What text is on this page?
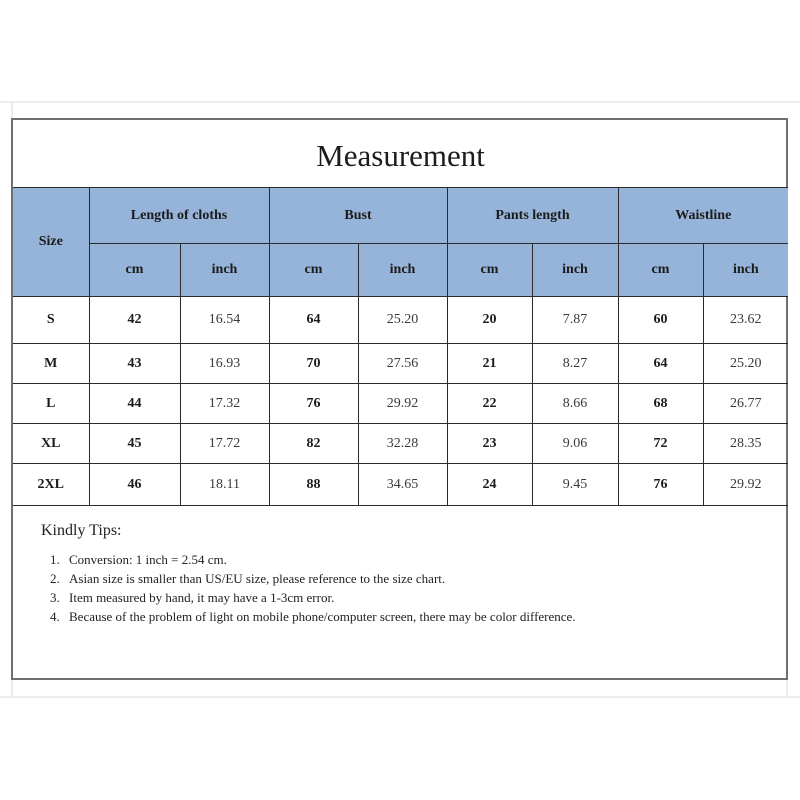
Measurement								
Size	Length of cloths		Bust		Pants length		Waistline	
	cm	inch	cm	inch	cm	inch	cm	inch
S	42	16.54	64	25.20	20	7.87	60	23.62
M	43	16.93	70	27.56	21	8.27	64	25.20
L	44	17.32	76	29.92	22	8.66	68	26.77
XL	45	17.72	82	32.28	23	9.06	72	28.35
2XL	46	18.11	88	34.65	24	9.45	76	29.92
Kindly Tips:
1. Conversion: 1 inch = 2.54 cm.
2. Asian size is smaller than US/EU size, please reference to the size chart.
3. Item measured by hand, it may have a 1-3cm error.
4. Because of the problem of light on mobile phone/computer screen, there may be color difference.
